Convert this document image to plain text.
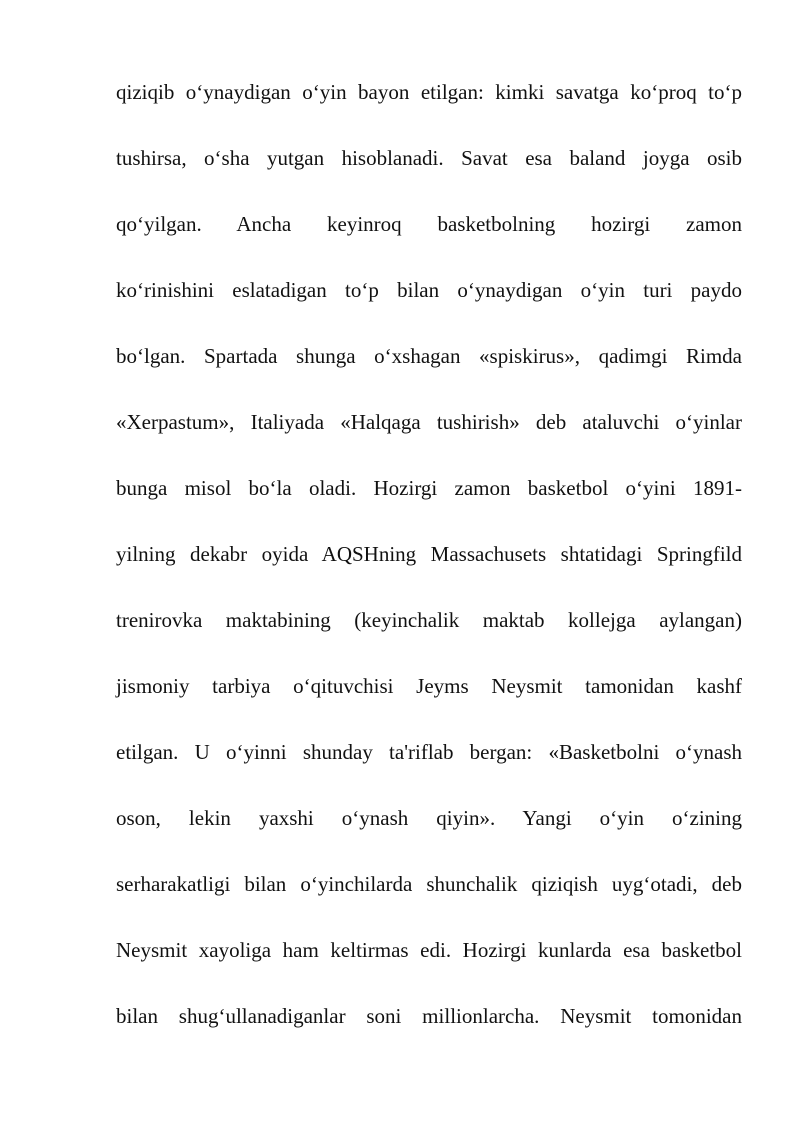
qiziqib o‘ynaydigan o‘yin bayon etilgan: kimki savatga ko‘proq to‘p
tushirsa, o‘sha yutgan hisoblanadi. Savat esa baland joyga osib
qo‘yilgan. Ancha keyinroq basketbolning hozirgi zamon
ko‘rinishini eslatadigan to‘p bilan o‘ynaydigan o‘yin turi paydo
bo‘lgan. Spartada shunga o‘xshagan «spiskirus», qadimgi Rimda
«Xerpastum», Italiyada «Halqaga tushirish» deb ataluvchi o‘yinlar
bunga misol bo‘la oladi. Hozirgi zamon basketbol o‘yini 1891-
yilning dekabr oyida AQSHning Massachusets shtatidagi Springfild
trenirovka maktabining (keyinchalik maktab kollejga aylangan)
jismoniy tarbiya o‘qituvchisi Jeyms Neysmit tamonidan kashf
etilgan. U o‘yinni shunday ta'riflab bergan: «Basketbolni o‘ynash
oson, lekin yaxshi o‘ynash qiyin». Yangi o‘yin o‘zining
serharakatligi bilan o‘yinchilarda shunchalik qiziqish uyg‘otadi, deb
Neysmit xayoliga ham keltirmas edi. Hozirgi kunlarda esa basketbol
bilan shug‘ullanadiganlar soni millionlarcha. Neysmit tomonidan
